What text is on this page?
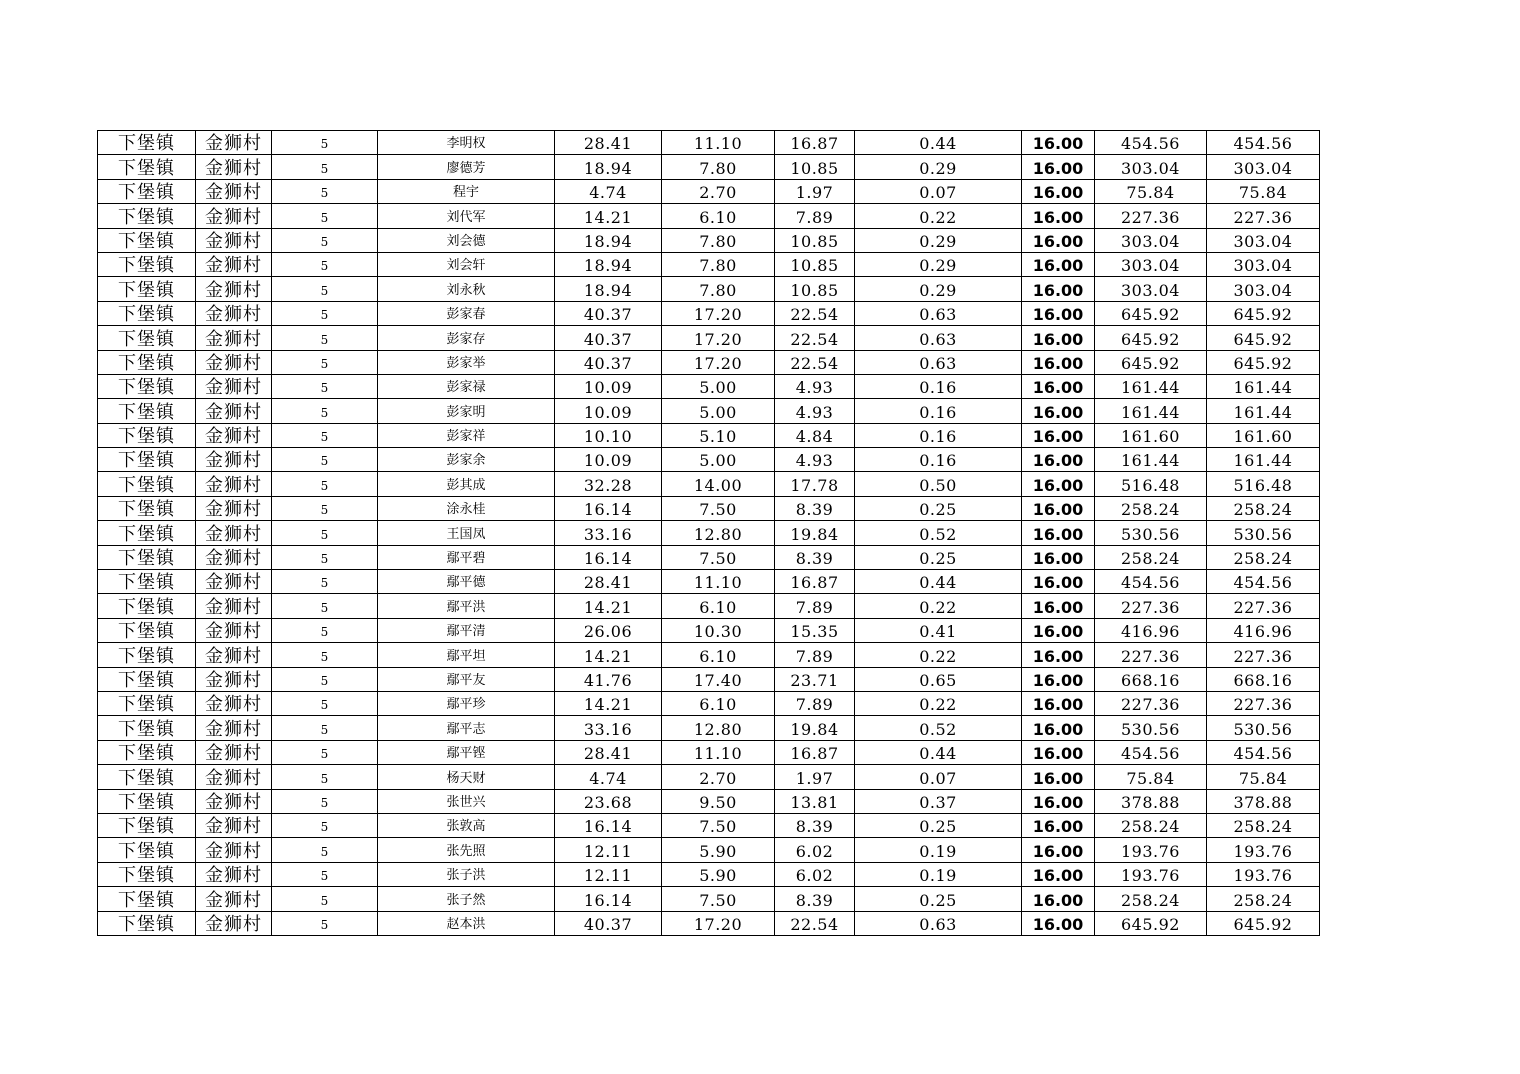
下堡镇	金狮村	5	李明权	28.41	11.10	16.87	0.44	16.00	454.56	454.56
下堡镇	金狮村	5	廖德芳	18.94	7.80	10.85	0.29	16.00	303.04	303.04
下堡镇	金狮村	5	程宇	4.74	2.70	1.97	0.07	16.00	75.84	75.84
下堡镇	金狮村	5	刘代军	14.21	6.10	7.89	0.22	16.00	227.36	227.36
下堡镇	金狮村	5	刘会德	18.94	7.80	10.85	0.29	16.00	303.04	303.04
下堡镇	金狮村	5	刘会轩	18.94	7.80	10.85	0.29	16.00	303.04	303.04
下堡镇	金狮村	5	刘永秋	18.94	7.80	10.85	0.29	16.00	303.04	303.04
下堡镇	金狮村	5	彭家春	40.37	17.20	22.54	0.63	16.00	645.92	645.92
下堡镇	金狮村	5	彭家存	40.37	17.20	22.54	0.63	16.00	645.92	645.92
下堡镇	金狮村	5	彭家举	40.37	17.20	22.54	0.63	16.00	645.92	645.92
下堡镇	金狮村	5	彭家禄	10.09	5.00	4.93	0.16	16.00	161.44	161.44
下堡镇	金狮村	5	彭家明	10.09	5.00	4.93	0.16	16.00	161.44	161.44
下堡镇	金狮村	5	彭家祥	10.10	5.10	4.84	0.16	16.00	161.60	161.60
下堡镇	金狮村	5	彭家余	10.09	5.00	4.93	0.16	16.00	161.44	161.44
下堡镇	金狮村	5	彭其成	32.28	14.00	17.78	0.50	16.00	516.48	516.48
下堡镇	金狮村	5	涂永桂	16.14	7.50	8.39	0.25	16.00	258.24	258.24
下堡镇	金狮村	5	王国凤	33.16	12.80	19.84	0.52	16.00	530.56	530.56
下堡镇	金狮村	5	鄢平碧	16.14	7.50	8.39	0.25	16.00	258.24	258.24
下堡镇	金狮村	5	鄢平德	28.41	11.10	16.87	0.44	16.00	454.56	454.56
下堡镇	金狮村	5	鄢平洪	14.21	6.10	7.89	0.22	16.00	227.36	227.36
下堡镇	金狮村	5	鄢平清	26.06	10.30	15.35	0.41	16.00	416.96	416.96
下堡镇	金狮村	5	鄢平坦	14.21	6.10	7.89	0.22	16.00	227.36	227.36
下堡镇	金狮村	5	鄢平友	41.76	17.40	23.71	0.65	16.00	668.16	668.16
下堡镇	金狮村	5	鄢平珍	14.21	6.10	7.89	0.22	16.00	227.36	227.36
下堡镇	金狮村	5	鄢平志	33.16	12.80	19.84	0.52	16.00	530.56	530.56
下堡镇	金狮村	5	鄢平铿	28.41	11.10	16.87	0.44	16.00	454.56	454.56
下堡镇	金狮村	5	杨天财	4.74	2.70	1.97	0.07	16.00	75.84	75.84
下堡镇	金狮村	5	张世兴	23.68	9.50	13.81	0.37	16.00	378.88	378.88
下堡镇	金狮村	5	张敦高	16.14	7.50	8.39	0.25	16.00	258.24	258.24
下堡镇	金狮村	5	张先照	12.11	5.90	6.02	0.19	16.00	193.76	193.76
下堡镇	金狮村	5	张子洪	12.11	5.90	6.02	0.19	16.00	193.76	193.76
下堡镇	金狮村	5	张子然	16.14	7.50	8.39	0.25	16.00	258.24	258.24
下堡镇	金狮村	5	赵本洪	40.37	17.20	22.54	0.63	16.00	645.92	645.92
